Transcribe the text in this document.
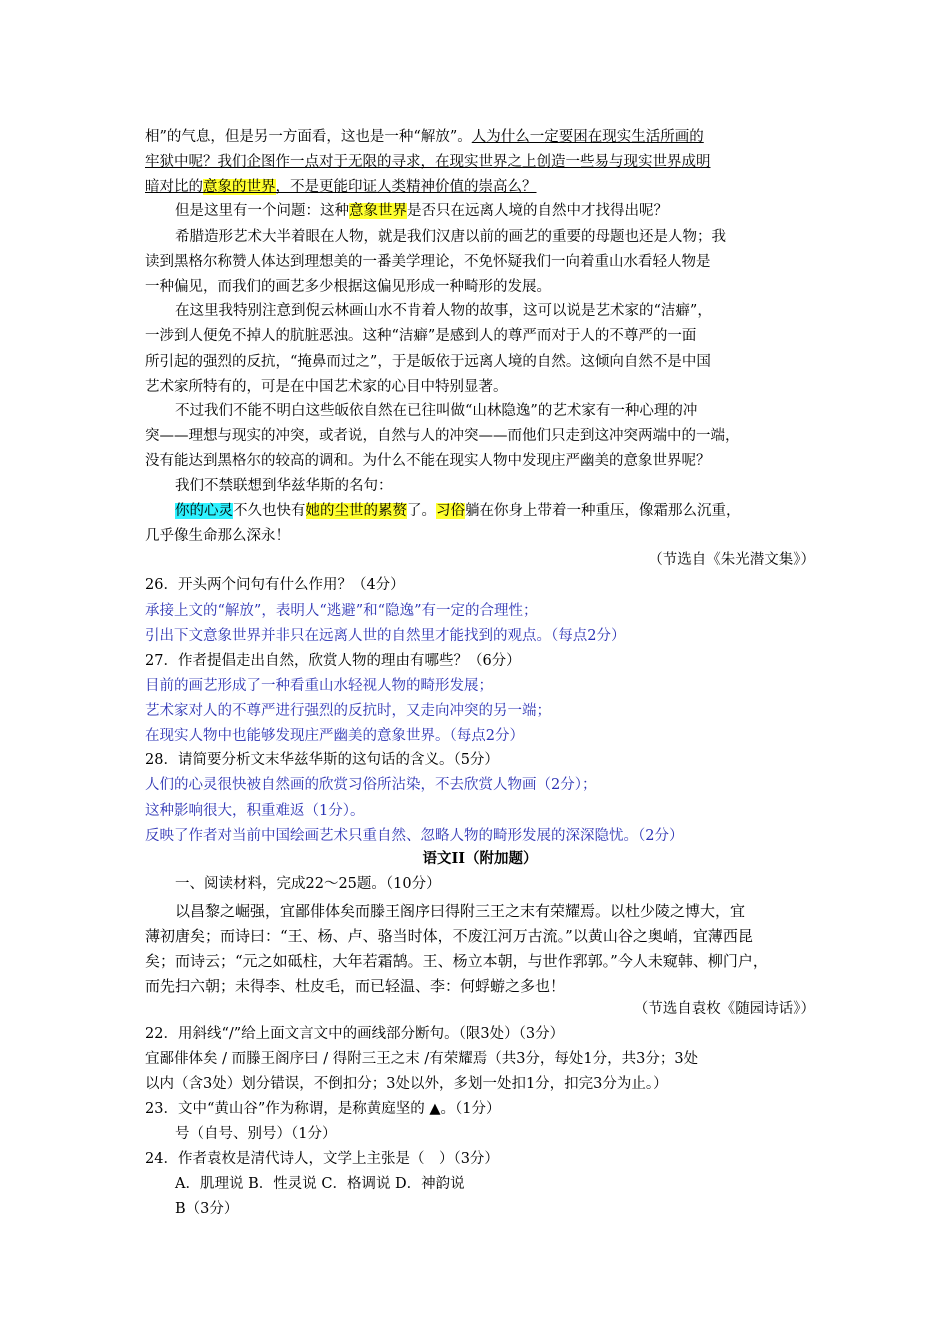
相”的气息，但是另一方面看，这也是一种“解放”。人为什么一定要困在现实生活所画的
牢狱中呢？我们企图作一点对于无限的寻求，在现实世界之上创造一些易与现实世界成明
暗对比的意象的世界，不是更能印证人类精神价值的崇高么？
但是这里有一个问题：这种意象世界是否只在远离人境的自然中才找得出呢？
希腊造形艺术大半着眼在人物，就是我们汉唐以前的画艺的重要的母题也还是人物；我
读到黑格尔称赞人体达到理想美的一番美学理论，不免怀疑我们一向着重山水看轻人物是
一种偏见，而我们的画艺多少根据这偏见形成一种畸形的发展。
在这里我特别注意到倪云林画山水不肯着人物的故事，这可以说是艺术家的“洁癖”，
一涉到人便免不掉人的肮脏恶浊。这种“洁癖”是感到人的尊严而对于人的不尊严的一面
所引起的强烈的反抗，“掩鼻而过之”，于是皈依于远离人境的自然。这倾向自然不是中国
艺术家所特有的，可是在中国艺术家的心目中特别显著。
不过我们不能不明白这些皈依自然在已往叫做“山林隐逸”的艺术家有一种心理的冲
突——理想与现实的冲突，或者说，自然与人的冲突——而他们只走到这冲突两端中的一端，
没有能达到黑格尔的较高的调和。为什么不能在现实人物中发现庄严幽美的意象世界呢？
我们不禁联想到华兹华斯的名句：
你的心灵不久也快有她的尘世的累赘了。习俗躺在你身上带着一种重压，像霜那么沉重，
几乎像生命那么深永！
（节选自《朱光潜文集》）
26．开头两个问句有什么作用？（4分）
承接上文的“解放”，表明人“逃避”和“隐逸”有一定的合理性；
引出下文意象世界并非只在远离人世的自然里才能找到的观点。（每点2分）
27．作者提倡走出自然，欣赏人物的理由有哪些？（6分）
目前的画艺形成了一种看重山水轻视人物的畸形发展；
艺术家对人的不尊严进行强烈的反抗时，又走向冲突的另一端；
在现实人物中也能够发现庄严幽美的意象世界。（每点2分）
28．请简要分析文末华兹华斯的这句话的含义。（5分）
人们的心灵很快被自然画的欣赏习俗所沾染，不去欣赏人物画（2分）；
这种影响很大，积重难返（1分）。
反映了作者对当前中国绘画艺术只重自然、忽略人物的畸形发展的深深隐忧。（2分）
语文II（附加题）
一、阅读材料，完成22～25题。（10分）
以昌黎之崛强，宜鄙俳体矣而滕王阁序曰得附三王之末有荣耀焉。以杜少陵之博大，宜
薄初唐矣；而诗曰：“王、杨、卢、骆当时体，不废江河万古流。”以黄山谷之奥峭，宜薄西昆
矣；而诗云；“元之如砥柱，大年若霜鹄。王、杨立本朝，与世作郛郭。”今人未窥韩、柳门户，
而先扫六朝；未得李、杜皮毛，而已轻温、李：何蜉蝣之多也！
（节选自袁枚《随园诗话》）
22．用斜线“/”给上面文言文中的画线部分断句。（限3处）（3分）
宜鄙俳体矣 / 而滕王阁序曰 / 得附三王之末 /有荣耀焉（共3分，每处1分，共3分；3处
以内（含3处）划分错误，不倒扣分；3处以外，多划一处扣1分，扣完3分为止。）
23．文中“黄山谷”作为称谓，是称黄庭坚的 ▲。（1分）
号（自号、别号）（1分）
24．作者袁枚是清代诗人，文学上主张是（　）（3分）
A．肌理说 B．性灵说 C．格调说 D．神韵说
B（3分）
